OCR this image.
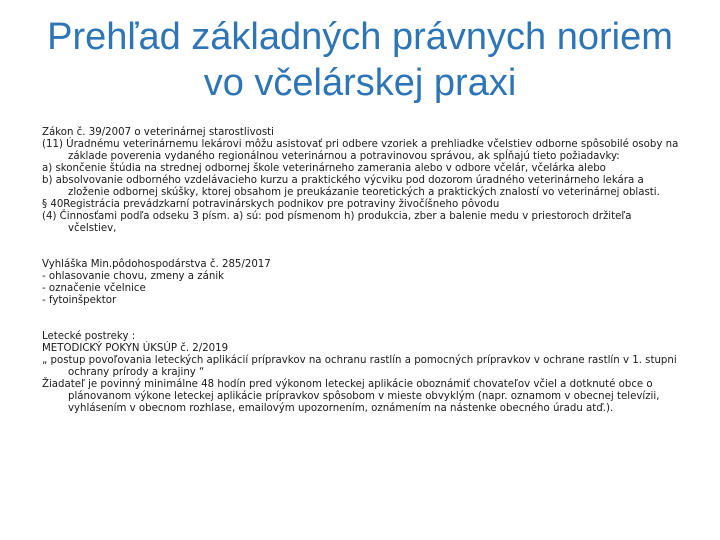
Prehľad základných právnych noriem
vo včelárskej praxi

Zákon č. 39/2007 o veterinárnej starostlivosti

(11) Úradnému veterinárnemu lekárovi môžu asistovať pri odbere vzoriek a prehliadke včelstiev odborne spôsobilé osoby na základe poverenia vydaného regionálnou veterinárnou a potravinovou správou, ak spĺňajú tieto požiadavky:

a) skončenie štúdia na strednej odbornej škole veterinárneho zamerania alebo v odbore včelár, včelárka alebo

b) absolvovanie odborného vzdelávacieho kurzu a praktického výcviku pod dozorom úradného veterinárneho lekára a zloženie odbornej skúšky, ktorej obsahom je preukázanie teoretických a praktických znalostí vo veterinárnej oblasti.

§ 40Registrácia prevádzkarní potravinárskych podnikov pre potraviny živočíšneho pôvodu

(4) Činnosťami podľa odseku 3 písm. a) sú: pod písmenom h) produkcia, zber a balenie medu v priestoroch držiteľa včelstiev,

Vyhláška Min.pôdohospodárstva č. 285/2017

- ohlasovanie chovu, zmeny a zánik

- označenie včelnice

- fytoinšpektor

Letecké postreky :

METODICKÝ POKYN ÚKSÚP č. 2/2019

„ postup povoľovania leteckých aplikácií prípravkov na ochranu rastlín a pomocných prípravkov v ochrane rastlín v 1. stupni ochrany prírody a krajiny “

Žiadateľ je povinný minimálne 48 hodín pred výkonom leteckej aplikácie oboznámiť chovateľov včiel a dotknuté obce o plánovanom výkone leteckej aplikácie prípravkov spôsobom v mieste obvyklým (napr. oznamom v obecnej televízii, vyhlásením v obecnom rozhlase, emailovým upozornením, oznámením na nástenke obecného úradu atď.).
